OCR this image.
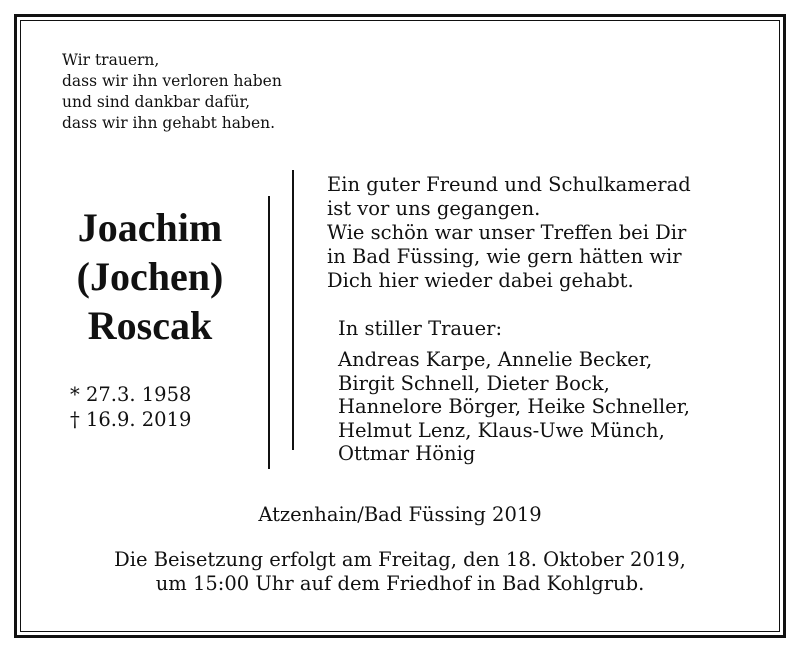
Wir trauern,
dass wir ihn verloren haben
und sind dankbar dafür,
dass wir ihn gehabt haben.
Joachim
(Jochen)
Roscak
* 27.3. 1958
† 16.9. 2019
Ein guter Freund und Schulkamerad
ist vor uns gegangen.
Wie schön war unser Treffen bei Dir
in Bad Füssing, wie gern hätten wir
Dich hier wieder dabei gehabt.
In stiller Trauer:
Andreas Karpe, Annelie Becker,
Birgit Schnell, Dieter Bock,
Hannelore Börger, Heike Schneller,
Helmut Lenz, Klaus-Uwe Münch,
Ottmar Hönig
Atzenhain/Bad Füssing 2019
Die Beisetzung erfolgt am Freitag, den 18. Oktober 2019,
um 15:00 Uhr auf dem Friedhof in Bad Kohlgrub.
